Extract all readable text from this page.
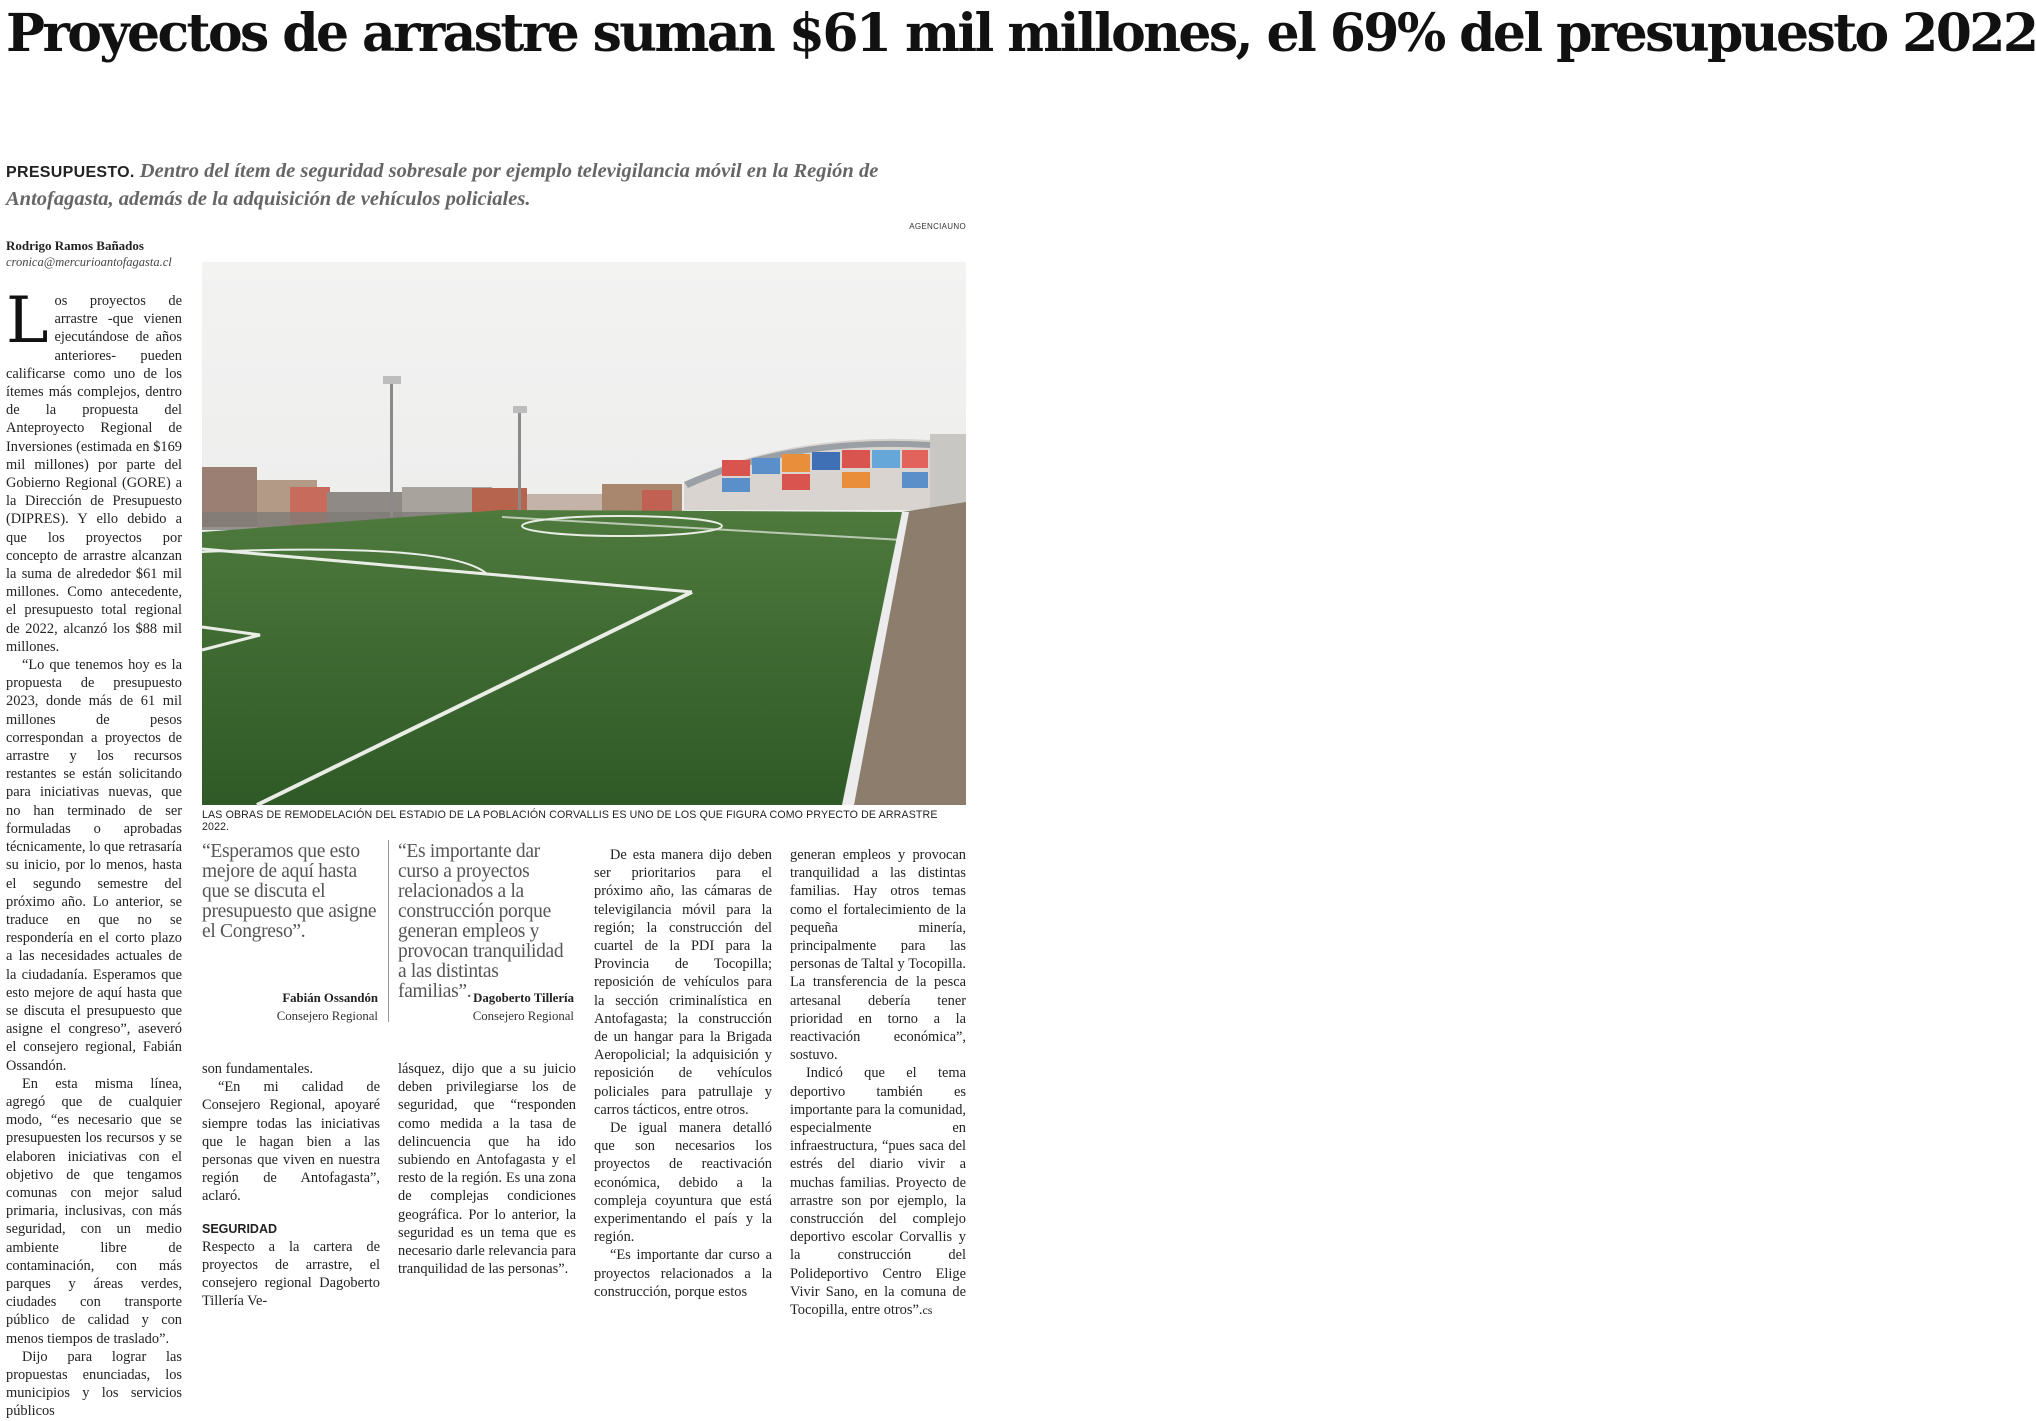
Proyectos de arrastre suman $61 mil millones, el 69% del presupuesto 2022
PRESUPUESTO. Dentro del ítem de seguridad sobresale por ejemplo televigilancia móvil en la Región de Antofagasta, además de la adquisición de vehículos policiales.
AGENCIAUNO
Rodrigo Ramos Bañados
cronica@mercurioantofagasta.cl

Los proyectos de arrastre -que vienen ejecutándose de años anteriores- pueden calificarse como uno de los ítemes más complejos, dentro de la propuesta del Anteproyecto Regional de Inversiones (estimada en $169 mil millones) por parte del Gobierno Regional (GORE) a la Dirección de Presupuesto (DIPRES). Y ello debido a que los proyectos por concepto de arrastre alcanzan la suma de alrededor $61 mil millones. Como antecedente, el presupuesto total regional de 2022, alcanzó los $88 mil millones.

“Lo que tenemos hoy es la propuesta de presupuesto 2023, donde más de 61 mil millones de pesos correspondan a proyectos de arrastre y los recursos restantes se están solicitando para iniciativas nuevas, que no han terminado de ser formuladas o aprobadas técnicamente, lo que retrasaría su inicio, por lo menos, hasta el segundo semestre del próximo año. Lo anterior, se traduce en que no se respondería en el corto plazo a las necesidades actuales de la ciudadanía. Esperamos que esto mejore de aquí hasta que se discuta el presupuesto que asigne el congreso”, aseveró el consejero regional, Fabián Ossandón.

En esta misma línea, agregó que de cualquier modo, “es necesario que se presupuesten los recursos y se elaboren iniciativas con el objetivo de que tengamos comunas con mejor salud primaria, inclusivas, con más seguridad, con un medio ambiente libre de contaminación, con más parques y áreas verdes, ciudades con transporte público de calidad y con menos tiempos de traslado”.

Dijo para lograr las propuestas enunciadas, los municipios y los servicios públicos

LAS OBRAS DE REMODELACIÓN DEL ESTADIO DE LA POBLACIÓN CORVALLIS ES UNO DE LOS QUE FIGURA COMO PRYECTO DE ARRASTRE 2022.
“Esperamos que esto mejore de aquí hasta que se discuta el presupuesto que asigne el Congreso”.
Fabián Ossandón
Consejero Regional
“Es importante dar curso a proyectos relacionados a la construcción porque generan empleos y provocan tranquilidad a las distintas familias”. Dagoberto Tillería
Consejero Regional

son fundamentales.

“En mi calidad de Consejero Regional, apoyaré siempre todas las iniciativas que le hagan bien a las personas que viven en nuestra región de Antofagasta”, aclaró.

SEGURIDAD

Respecto a la cartera de proyectos de arrastre, el consejero regional Dagoberto Tillería Ve-

lásquez, dijo que a su juicio deben privilegiarse los de seguridad, que “responden como medida a la tasa de delincuencia que ha ido subiendo en Antofagasta y el resto de la región. Es una zona de complejas condiciones geográfica. Por lo anterior, la seguridad es un tema que es necesario darle relevancia para tranquilidad de las personas”.

De esta manera dijo deben ser prioritarios para el próximo año, las cámaras de televigilancia móvil para la región; la construcción del cuartel de la PDI para la Provincia de Tocopilla; reposición de vehículos para la sección criminalística en Antofagasta; la construcción de un hangar para la Brigada Aeropolicial; la adquisición y reposición de vehículos policiales para patrullaje y carros tácticos, entre otros.

De igual manera detalló que son necesarios los proyectos de reactivación económica, debido a la compleja coyuntura que está experimentando el país y la región.

“Es importante dar curso a proyectos relacionados a la construcción, porque estos

generan empleos y provocan tranquilidad a las distintas familias. Hay otros temas como el fortalecimiento de la pequeña minería, principalmente para las personas de Taltal y Tocopilla. La transferencia de la pesca artesanal debería tener prioridad en torno a la reactivación económica”, sostuvo.

Indicó que el tema deportivo también es importante para la comunidad, especialmente en infraestructura, “pues saca del estrés del diario vivir a muchas familias. Proyecto de arrastre son por ejemplo, la construcción del complejo deportivo escolar Corvallis y la construcción del Polideportivo Centro Elige Vivir Sano, en la comuna de Tocopilla, entre otros”.cs
